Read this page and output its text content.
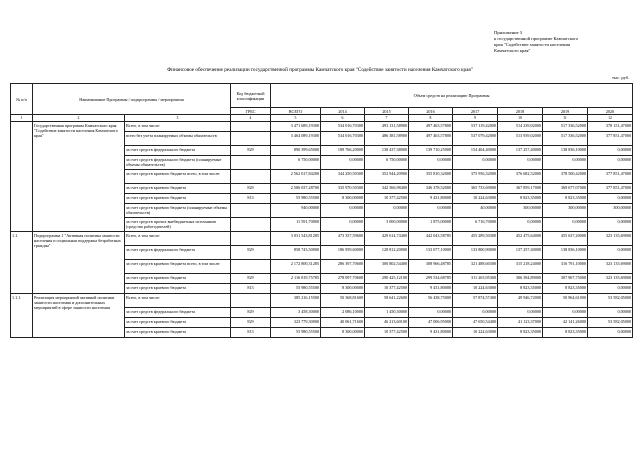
Приложение 3
к государственной программе Камчатского
края "Содействие занятости населения
Камчатского края"
Финансовое обеспечение реализации государственной программы Камчатского края "Содействие занятости населения Камчатского края"
тыс. руб.
№ п/п	Наименование Программы / подпрограммы / мероприятия		Код бюджетной классификации	Объем средств на реализацию Программы							
			ГРБС	ВСЕГО	2014	2015	2016	2017	2018	2019	2020
1	2	3	4	5	6	7	8	9	10	11	12
	Государственная программа Камчатского края "Содействие занятости населения Камчатского края"	Всего, в том числе:		3 471 689,19300	534 016,70300	493 131,58900	497 463,57800	537 119,42000	514 239,02000	517 336,52000	378 151,47000
		всего без учета планируемых объемы обязательств		3 464 089,19300	534 016,70300	486 381,58900	497 463,57800	537 079,42000	513 939,02000	517 336,52000	377 851,47000
		за счет средств федерального бюджета	829	890 399,65000	189 766,20000	138 437,38000	139 710,25000	154 404,40000	137 257,40000	138 836,10000	0,00000
		за счет средств федерального бюджета (планируемые объемы обязательств)		6 750,00000	0,00000	6 750,00000	0,00000	0,00000	0,00000	0,00000	0,00000
		за счет средств краевого бюджета всего, в том числе:		2 562 017,84200	344 250,50300	352 944,20900	355 810,32000	375 956,32000	376 682,52000	378 500,42000	377 851,47000
		за счет средств краевого бюджета	829	2 506 037,28700	335 970,50300	342 566,98400	346 378,52000	365 733,69000	367 859,17000	369 677,07000	377 851,47000
		за счет средств краевого бюджета	813	55 980,55500	8 300,00000	10 377,42500	9 431,80000	10 224,63000	8 823,35000	8 823,35000	0,00000
		за счет средств краевого бюджета (планируемые объемы обязательств)		940,00000	0,00000	0,00000	0,00000	40,00000	300,00000	300,00000	300,00000
		за счет средств прочих внебюджетных источников (средства работодателей)		11 591,70000	0,00000	3 000,00000	1 875,00000	6 716,70000	0,00000	0,00000	0,00000
1.1.	Подпрограмма 1 "Активная политика занятости населения и социальная поддержка безработных граждан"	Всего, в том числе:		3 031 543,81285	473 357,59600	429 614,74400	442 043,58785	455 289,50300	452 475,64000	455 637,20000	323 135,69000
		за счет средств федерального бюджета	829	858 743,50000	186 959,60000	128 812,20000	133 077,10000	133 800,90000	137 257,40000	138 836,10000	0,00000
		за счет средств краевого бюджета всего, в том числе:		2 172 800,31285	286 397,70600	300 802,54400	308 966,48785	321 488,60300	315 218,24000	316 791,10000	323 135,69000
		за счет средств краевого бюджета	829	2 116 819,75785	278 097,70600	290 425,12100	299 534,68785	311 263,95300	306 394,89000	307 967,75000	323 135,69000
		за счет средств краевого бюджета	813	55 980,55500	8 300,00000	10 377,42500	9 431,80000	10 224,63000	8 823,35000	8 823,35000	0,00000
1.1.1.	Реализация мероприятий активной политики занятости населения и дополнительных мероприятий в сфере занятости населения	Всего, в том числе:		385 216,15500	50 368,81600	58 641,22600	56 438,75000	57 874,57400	49 946,72000	50 964,61000	53 582,05000
		за счет средств федерального бюджета	829	3 458,30000	2 086,10000	1 450,30000	0,00000	0,00000	0,00000	0,00000	0,00000
		за счет средств краевого бюджета	829	323 779,30000	40 061,71600	46 213,60100	47 006,95000	47 650,54400	41 123,37000	42 141,26000	53 582,05000
		за счет средств краевого бюджета	813	55 980,55500	8 300,00000	10 377,42500	9 431,80000	10 224,63000	8 823,35000	8 823,35000	0,00000
